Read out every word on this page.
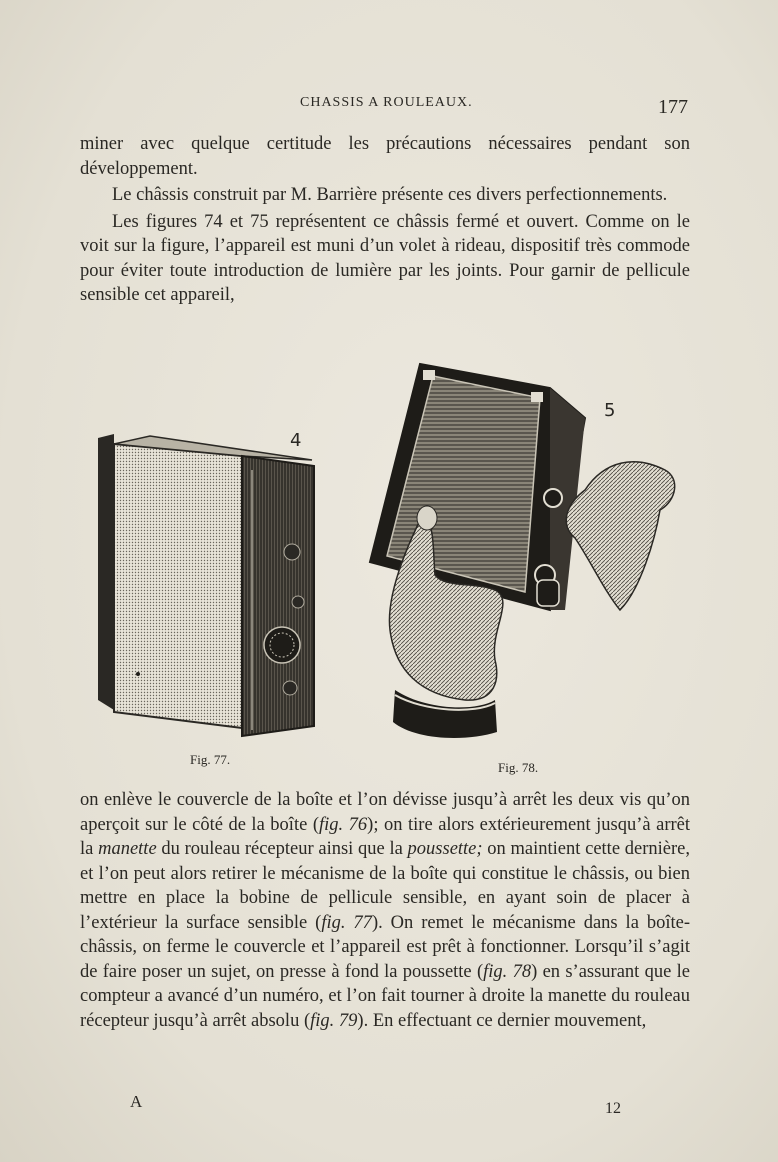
CHASSIS A ROULEAUX.	177

miner avec quelque certitude les précautions nécessaires pendant son développement.

Le châssis construit par M. Barrière présente ces divers perfectionnements.

Les figures 74 et 75 représentent ce châssis fermé et ouvert. Comme on le voit sur la figure, l’appareil est muni d’un volet à rideau, dispositif très commode pour éviter toute introduction de lumière par les joints. Pour garnir de pellicule sensible cet appareil,

4
Fig. 77.
5
Fig. 78.

on enlève le couvercle de la boîte et l’on dévisse jusqu’à arrêt les deux vis qu’on aperçoit sur le côté de la boîte (fig. 76); on tire alors extérieurement jusqu’à arrêt la manette du rouleau récepteur ainsi que la poussette; on maintient cette dernière, et l’on peut alors retirer le mécanisme de la boîte qui constitue le châssis, ou bien mettre en place la bobine de pellicule sensible, en ayant soin de placer à l’extérieur la surface sensible (fig. 77). On remet le mécanisme dans la boîte-châssis, on ferme le couvercle et l’appareil est prêt à fonctionner. Lorsqu’il s’agit de faire poser un sujet, on presse à fond la poussette (fig. 78) en s’assurant que le compteur a avancé d’un numéro, et l’on fait tourner à droite la manette du rouleau récepteur jusqu’à arrêt absolu (fig. 79). En effectuant ce dernier mouvement,

A	12
